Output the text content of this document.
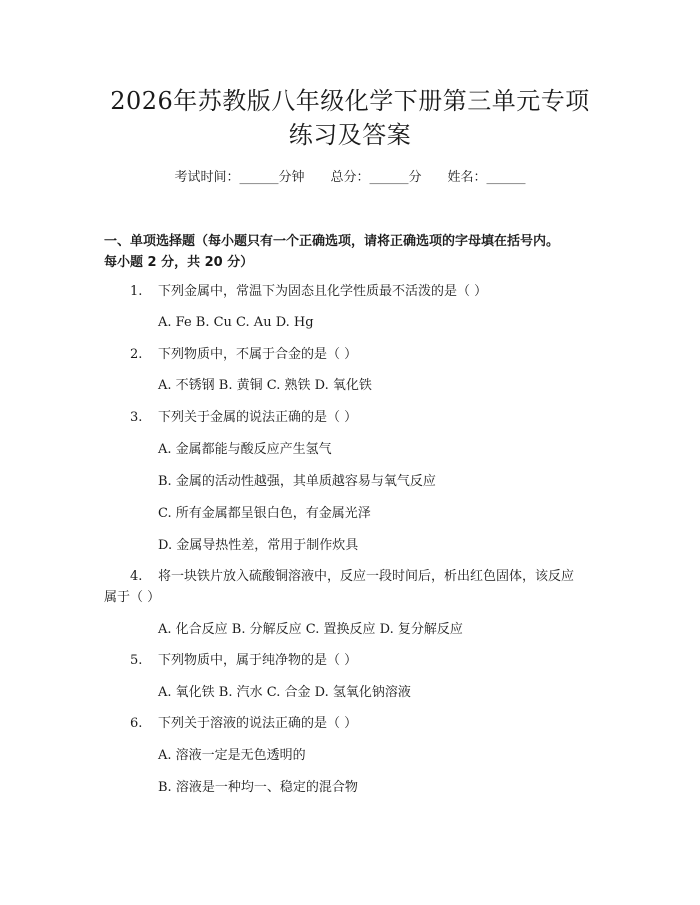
2026年苏教版八年级化学下册第三单元专项
练习及答案
考试时间：______分钟 总分：______分 姓名：______
一、单项选择题（每小题只有一个正确选项，请将正确选项的字母填在括号内。
每小题 2 分，共 20 分）
1. 下列金属中，常温下为固态且化学性质最不活泼的是（ ）
A. Fe B. Cu C. Au D. Hg
2. 下列物质中，不属于合金的是（ ）
A. 不锈钢 B. 黄铜 C. 熟铁 D. 氧化铁
3. 下列关于金属的说法正确的是（ ）
A. 金属都能与酸反应产生氢气
B. 金属的活动性越强，其单质越容易与氧气反应
C. 所有金属都呈银白色，有金属光泽
D. 金属导热性差，常用于制作炊具
4. 将一块铁片放入硫酸铜溶液中，反应一段时间后，析出红色固体，该反应
属于（ ）
A. 化合反应 B. 分解反应 C. 置换反应 D. 复分解反应
5. 下列物质中，属于纯净物的是（ ）
A. 氧化铁 B. 汽水 C. 合金 D. 氢氧化钠溶液
6. 下列关于溶液的说法正确的是（ ）
A. 溶液一定是无色透明的
B. 溶液是一种均一、稳定的混合物
